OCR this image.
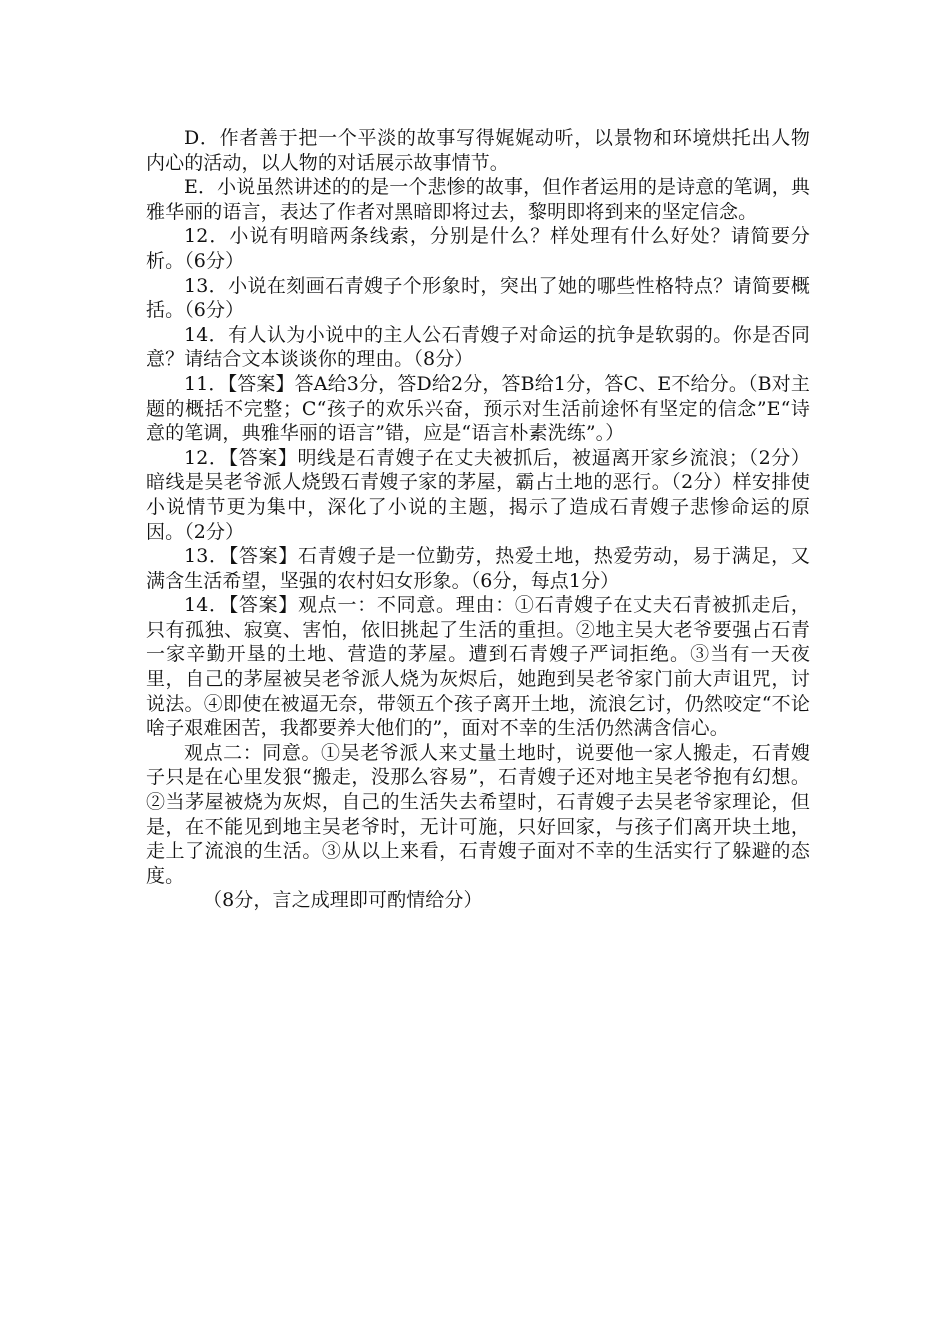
D．作者善于把一个平淡的故事写得娓娓动听，以景物和环境烘托出人物内心的活动，以人物的对话展示故事情节。

E．小说虽然讲述的的是一个悲惨的故事，但作者运用的是诗意的笔调，典雅华丽的语言，表达了作者对黑暗即将过去，黎明即将到来的坚定信念。

12．小说有明暗两条线索，分别是什么？样处理有什么好处？请简要分析。（6分）

13．小说在刻画石青嫂子个形象时，突出了她的哪些性格特点？请简要概括。（6分）

14．有人认为小说中的主人公石青嫂子对命运的抗争是软弱的。你是否同意？请结合文本谈谈你的理由。（8分）

11．【答案】答A给3分，答D给2分，答B给1分，答C、E不给分。（B对主题的概括不完整；C“孩子的欢乐兴奋，预示对生活前途怀有坚定的信念”E“诗意的笔调，典雅华丽的语言”错，应是“语言朴素洗练”。）

12．【答案】明线是石青嫂子在丈夫被抓后，被逼离开家乡流浪；（2分）暗线是吴老爷派人烧毁石青嫂子家的茅屋，霸占土地的恶行。（2分）样安排使小说情节更为集中，深化了小说的主题，揭示了造成石青嫂子悲惨命运的原因。（2分）

13．【答案】石青嫂子是一位勤劳，热爱土地，热爱劳动，易于满足，又满含生活希望，坚强的农村妇女形象。（6分，每点1分）

14．【答案】观点一：不同意。理由：①石青嫂子在丈夫石青被抓走后，只有孤独、寂寞、害怕，依旧挑起了生活的重担。②地主吴大老爷要强占石青一家辛勤开垦的土地、营造的茅屋。遭到石青嫂子严词拒绝。③当有一天夜里，自己的茅屋被吴老爷派人烧为灰烬后，她跑到吴老爷家门前大声诅咒，讨说法。④即使在被逼无奈，带领五个孩子离开土地，流浪乞讨，仍然咬定“不论啥子艰难困苦，我都要养大他们的”，面对不幸的生活仍然满含信心。

观点二：同意。①吴老爷派人来丈量土地时，说要他一家人搬走，石青嫂子只是在心里发狠“搬走，没那么容易”，石青嫂子还对地主吴老爷抱有幻想。②当茅屋被烧为灰烬，自己的生活失去希望时，石青嫂子去吴老爷家理论，但是，在不能见到地主吴老爷时，无计可施，只好回家，与孩子们离开块土地，走上了流浪的生活。③从以上来看，石青嫂子面对不幸的生活实行了躲避的态度。

（8分，言之成理即可酌情给分）
